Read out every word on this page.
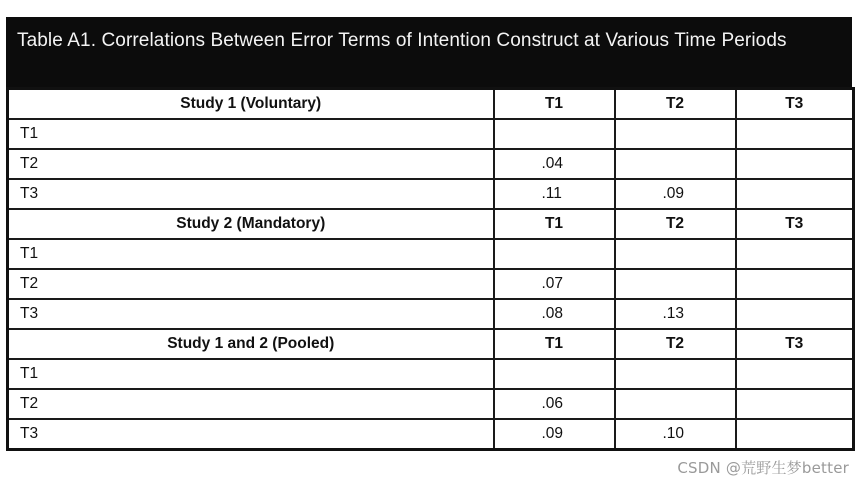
Table A1. Correlations Between Error Terms of Intention Construct at Various Time Periods
Study 1 (Voluntary)	T1	T2	T3
T1			
T2	.04		
T3	.11	.09	
Study 2 (Mandatory)	T1	T2	T3
T1			
T2	.07		
T3	.08	.13	
Study 1 and 2 (Pooled)	T1	T2	T3
T1			
T2	.06		
T3	.09	.10	
CSDN @荒野生梦better
